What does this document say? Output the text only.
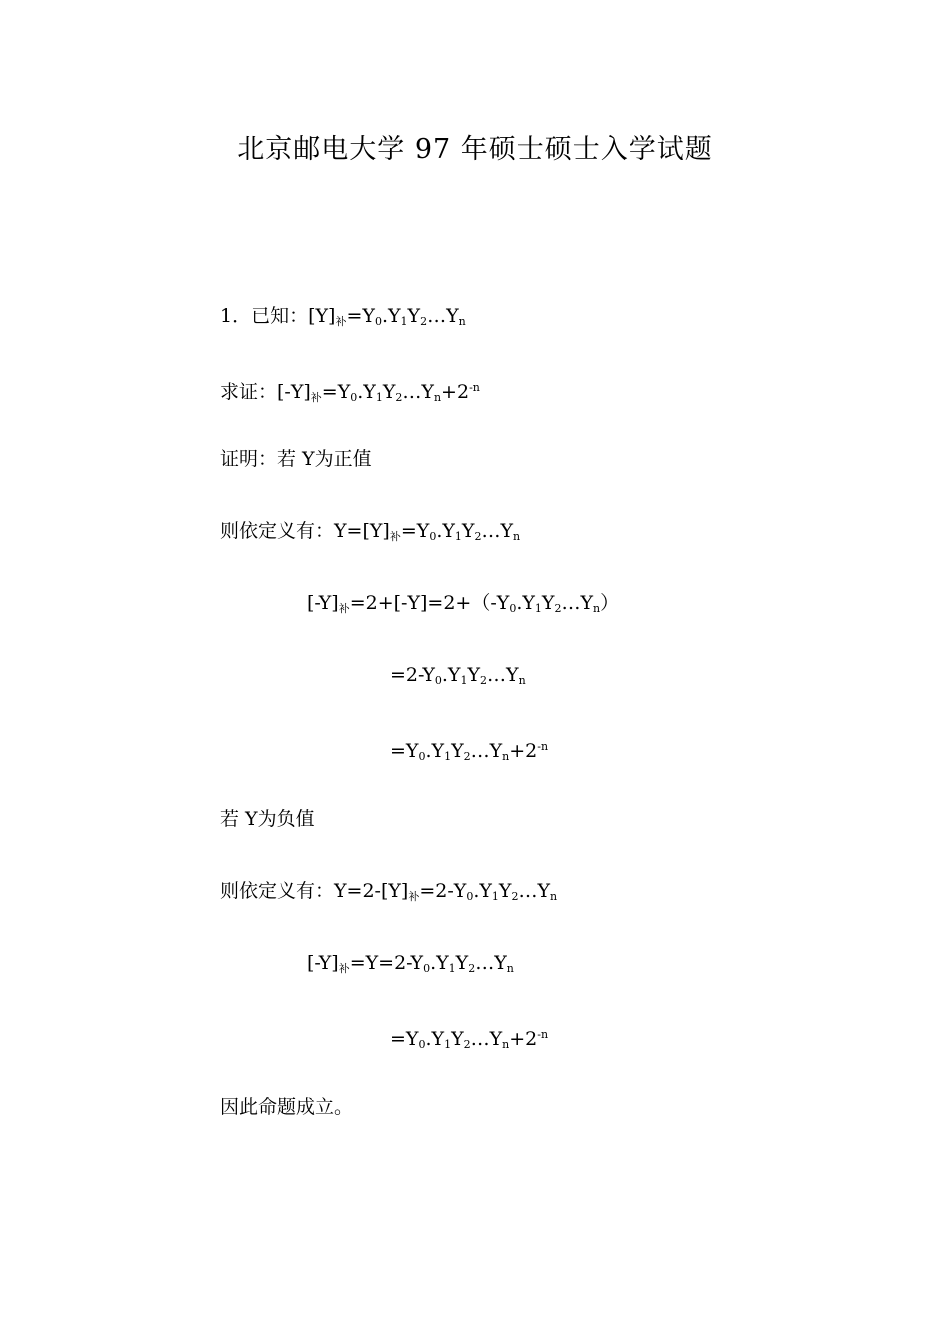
北京邮电大学 97 年硕士硕士入学试题
1．已知：$[Y]_补=Y_0.Y_1Y_2\dots Y_n$
求证：$[-Y]_补=Y_0.Y_1Y_2\dots Y_n+2^{-n}$
证明：若 Y为正值
则依定义有：$Y=[Y]_补=Y_0.Y_1Y_2\dots Y_n$
$[-Y]_补=2+[-Y]=2+(-Y_0.Y_1Y_2\dots Y_n)$
$=2-Y_0.Y_1Y_2\dots Y_n$
$=Y_0.Y_1Y_2\dots Y_n+2^{-n}$
若 Y为负值
则依定义有：$Y=2-[Y]_补=2-Y_0.Y_1Y_2\dots Y_n$
$[-Y]_补=Y=2-Y_0.Y_1Y_2\dots Y_n$
$=Y_0.Y_1Y_2\dots Y_n+2^{-n}$
因此命题成立。
